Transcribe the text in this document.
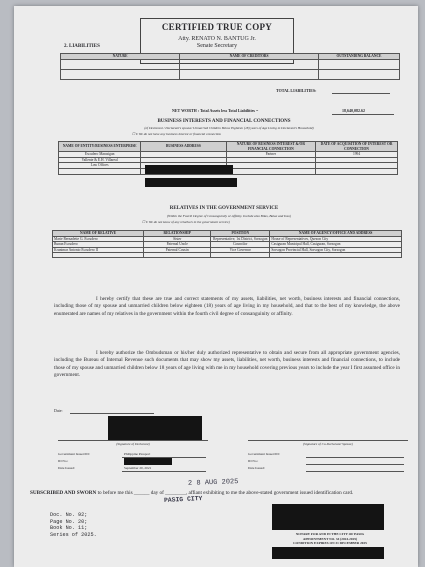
CERTIFIED TRUE COPY
Atty. RENATO N. BANTUG Jr.
Senate Secretary
2. LIABILITIES
NATURE	NAME OF CREDITORS	OUTSTANDING BALANCE

TOTAL LIABILITIES:
NET WORTH : Total Assets less Total Liabilities =	18,640,082.62
BUSINESS INTERESTS AND FINANCIAL CONNECTIONS
(of Declarant / Declarant's spouse/ Unmarried Children Below Eighteen (18) years of Age Living in Declarant's Household)
☐ I/ We do not have any business interest or financial connection
NAME OF ENTITY/BUSINESS ENTERPRISE	BUSINESS ADDRESS	NATURE OF BUSINESS INTEREST &/OR FINANCIAL CONNECTION	DATE OF ACQUISITION OF INTEREST OR CONNECTION
Escudero Marasigan		Partner	1994
Vallente & E.H. Villareal			
Law Offices			

RELATIVES IN THE GOVERNMENT SERVICE
(Within the Fourth Degree of Consanguinity or Affinity. Include also Bilas, Balae and Inso)
☐ I/ We do not know of any relative/s in the government service)
NAME OF RELATIVE	RELATIONSHIP	POSITION	NAME OF AGENCY/OFFICE AND ADDRESS
Marie Bernadette G. Escudero	Sister	Representative, 1st District, Sorsogon	House of Representatives, Quezon City
Bunan Escudero	Paternal Uncle	Councilor	Casiguran Municipal Hall, Casiguran, Sorsogon
Krunimar Antonio Escudero II	Paternal Cousin	Vice Governor	Sorsogon Provincial Hall, Sorsogon City, Sorsogon

I hereby certify that these are true and correct statements of my assets, liabilities, net worth, business interests and financial connections, including those of my spouse and unmarried children below eighteen (18) years of age living in my household, and that to the best of my knowledge, the above enumerated are names of my relatives in the government within the fourth civil degree of consanguinity or affinity.
I hereby authorize the Ombudsman or his/her duly authorized representative to obtain and secure from all appropriate government agencies, including the Bureau of Internal Revenue such documents that may show my assets, liabilities, net worth, business interests and financial connections, to include those of my spouse and unmarried children below 18 years of age living with me in my household covering previous years to include the year I first assumed office in government.
Date:
(Signature of Declarant)	(Signature of Co-Declarant/ Spouse)
Government Issued ID:	Philippine Passport
ID No.:
Date Issued:	September 20, 2021
Government Issued ID:
ID No.:
Date Issued:
2 8 AUG 2025
SUBSCRIBED AND SWORN to before me this ______ day of ________, affiant exhibiting to me the above-stated government issued identification card.
PASIG CITY
Doc. No. 92;
Page No. 20;
Book No. 11;
Series of 2025.	NOTARY FOR AND IN THE CITY OF PASIG
APPOINTMENT NO. 34 (2024-2025)
CONDITION EXPIRES ON 31 DECEMBER 2025
